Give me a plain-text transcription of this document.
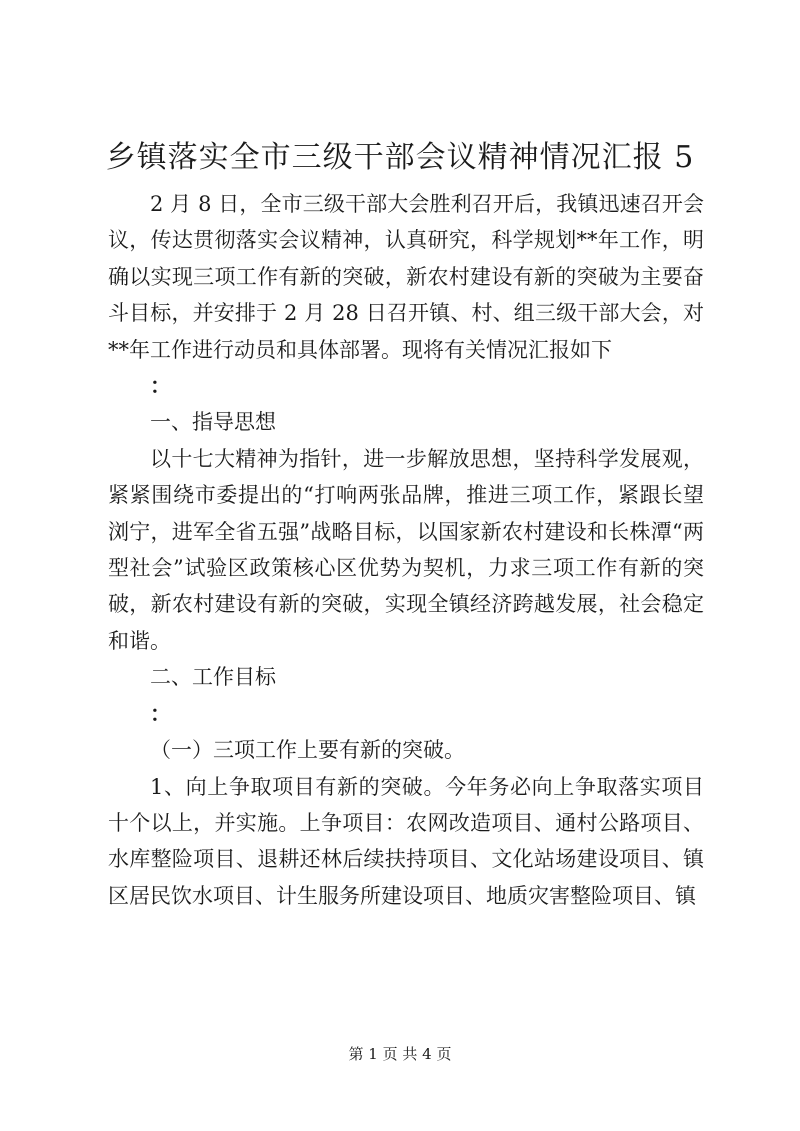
乡镇落实全市三级干部会议精神情况汇报 5

2 月 8 日，全市三级干部大会胜利召开后，我镇迅速召开会议，传达贯彻落实会议精神，认真研究，科学规划**年工作，明确以实现三项工作有新的突破，新农村建设有新的突破为主要奋斗目标，并安排于 2 月 28 日召开镇、村、组三级干部大会，对**年工作进行动员和具体部署。现将有关情况汇报如下

：

一、指导思想

以十七大精神为指针，进一步解放思想，坚持科学发展观，紧紧围绕市委提出的“打响两张品牌，推进三项工作，紧跟长望浏宁，进军全省五强”战略目标，以国家新农村建设和长株潭“两型社会”试验区政策核心区优势为契机，力求三项工作有新的突破，新农村建设有新的突破，实现全镇经济跨越发展，社会稳定和谐。

二、工作目标

：

（一）三项工作上要有新的突破。

1、向上争取项目有新的突破。今年务必向上争取落实项目十个以上，并实施。上争项目：农网改造项目、通村公路项目、水库整险项目、退耕还林后续扶持项目、文化站场建设项目、镇区居民饮水项目、计生服务所建设项目、地质灾害整险项目、镇

第 1 页 共 4 页
